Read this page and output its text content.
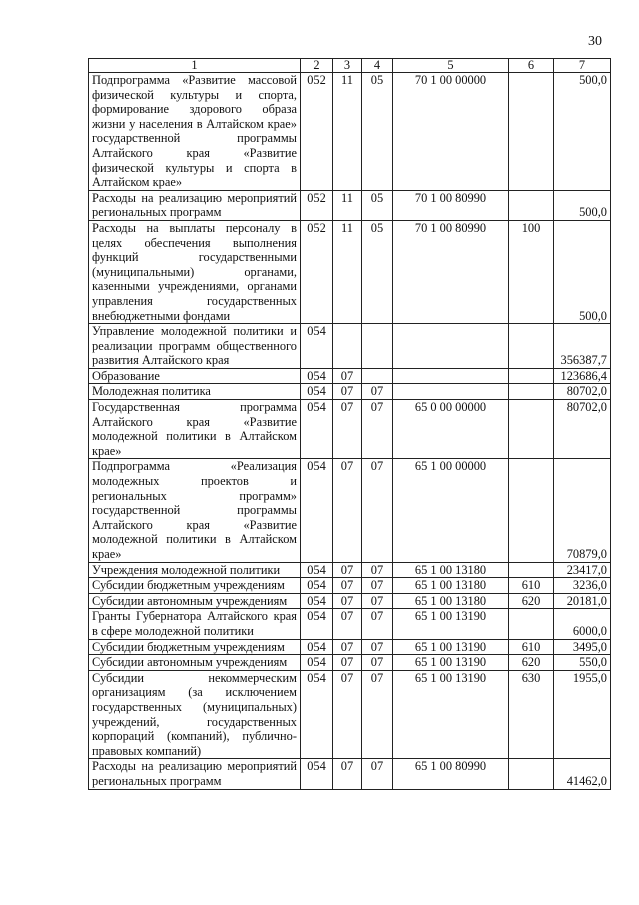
30
1	2	3	4	5	6	7
Подпрограмма «Развитие массовой физической культуры и спорта, формирование здорового образа жизни у населения в Алтайском крае» государственной программы Алтайского края «Развитие физической культуры и спорта в Алтайском крае»	052	11	05	70 1 00 00000		500,0
Расходы на реализацию мероприятий региональных программ	052	11	05	70 1 00 80990		500,0
Расходы на выплаты персоналу в целях обеспечения выполнения функций государственными (муниципальными) органами, казенными учреждениями, органами управления государственных внебюджетными фондами	052	11	05	70 1 00 80990	100	500,0
Управление молодежной политики и реализации программ общественного развития Алтайского края	054					356387,7
Образование	054	07				123686,4
Молодежная политика	054	07	07			80702,0
Государственная программа Алтайского края «Развитие молодежной политики в Алтайском крае»	054	07	07	65 0 00 00000		80702,0
Подпрограмма «Реализация молодежных проектов и региональных программ» государственной программы Алтайского края «Развитие молодежной политики в Алтайском крае»	054	07	07	65 1 00 00000		70879,0
Учреждения молодежной политики	054	07	07	65 1 00 13180		23417,0
Субсидии бюджетным учреждениям	054	07	07	65 1 00 13180	610	3236,0
Субсидии автономным учреждениям	054	07	07	65 1 00 13180	620	20181,0
Гранты Губернатора Алтайского края в сфере молодежной политики	054	07	07	65 1 00 13190		6000,0
Субсидии бюджетным учреждениям	054	07	07	65 1 00 13190	610	3495,0
Субсидии автономным учреждениям	054	07	07	65 1 00 13190	620	550,0
Субсидии некоммерческим организациям (за исключением государственных (муниципальных) учреждений, государственных корпораций (компаний), публично-правовых компаний)	054	07	07	65 1 00 13190	630	1955,0
Расходы на реализацию мероприятий региональных программ	054	07	07	65 1 00 80990		41462,0
